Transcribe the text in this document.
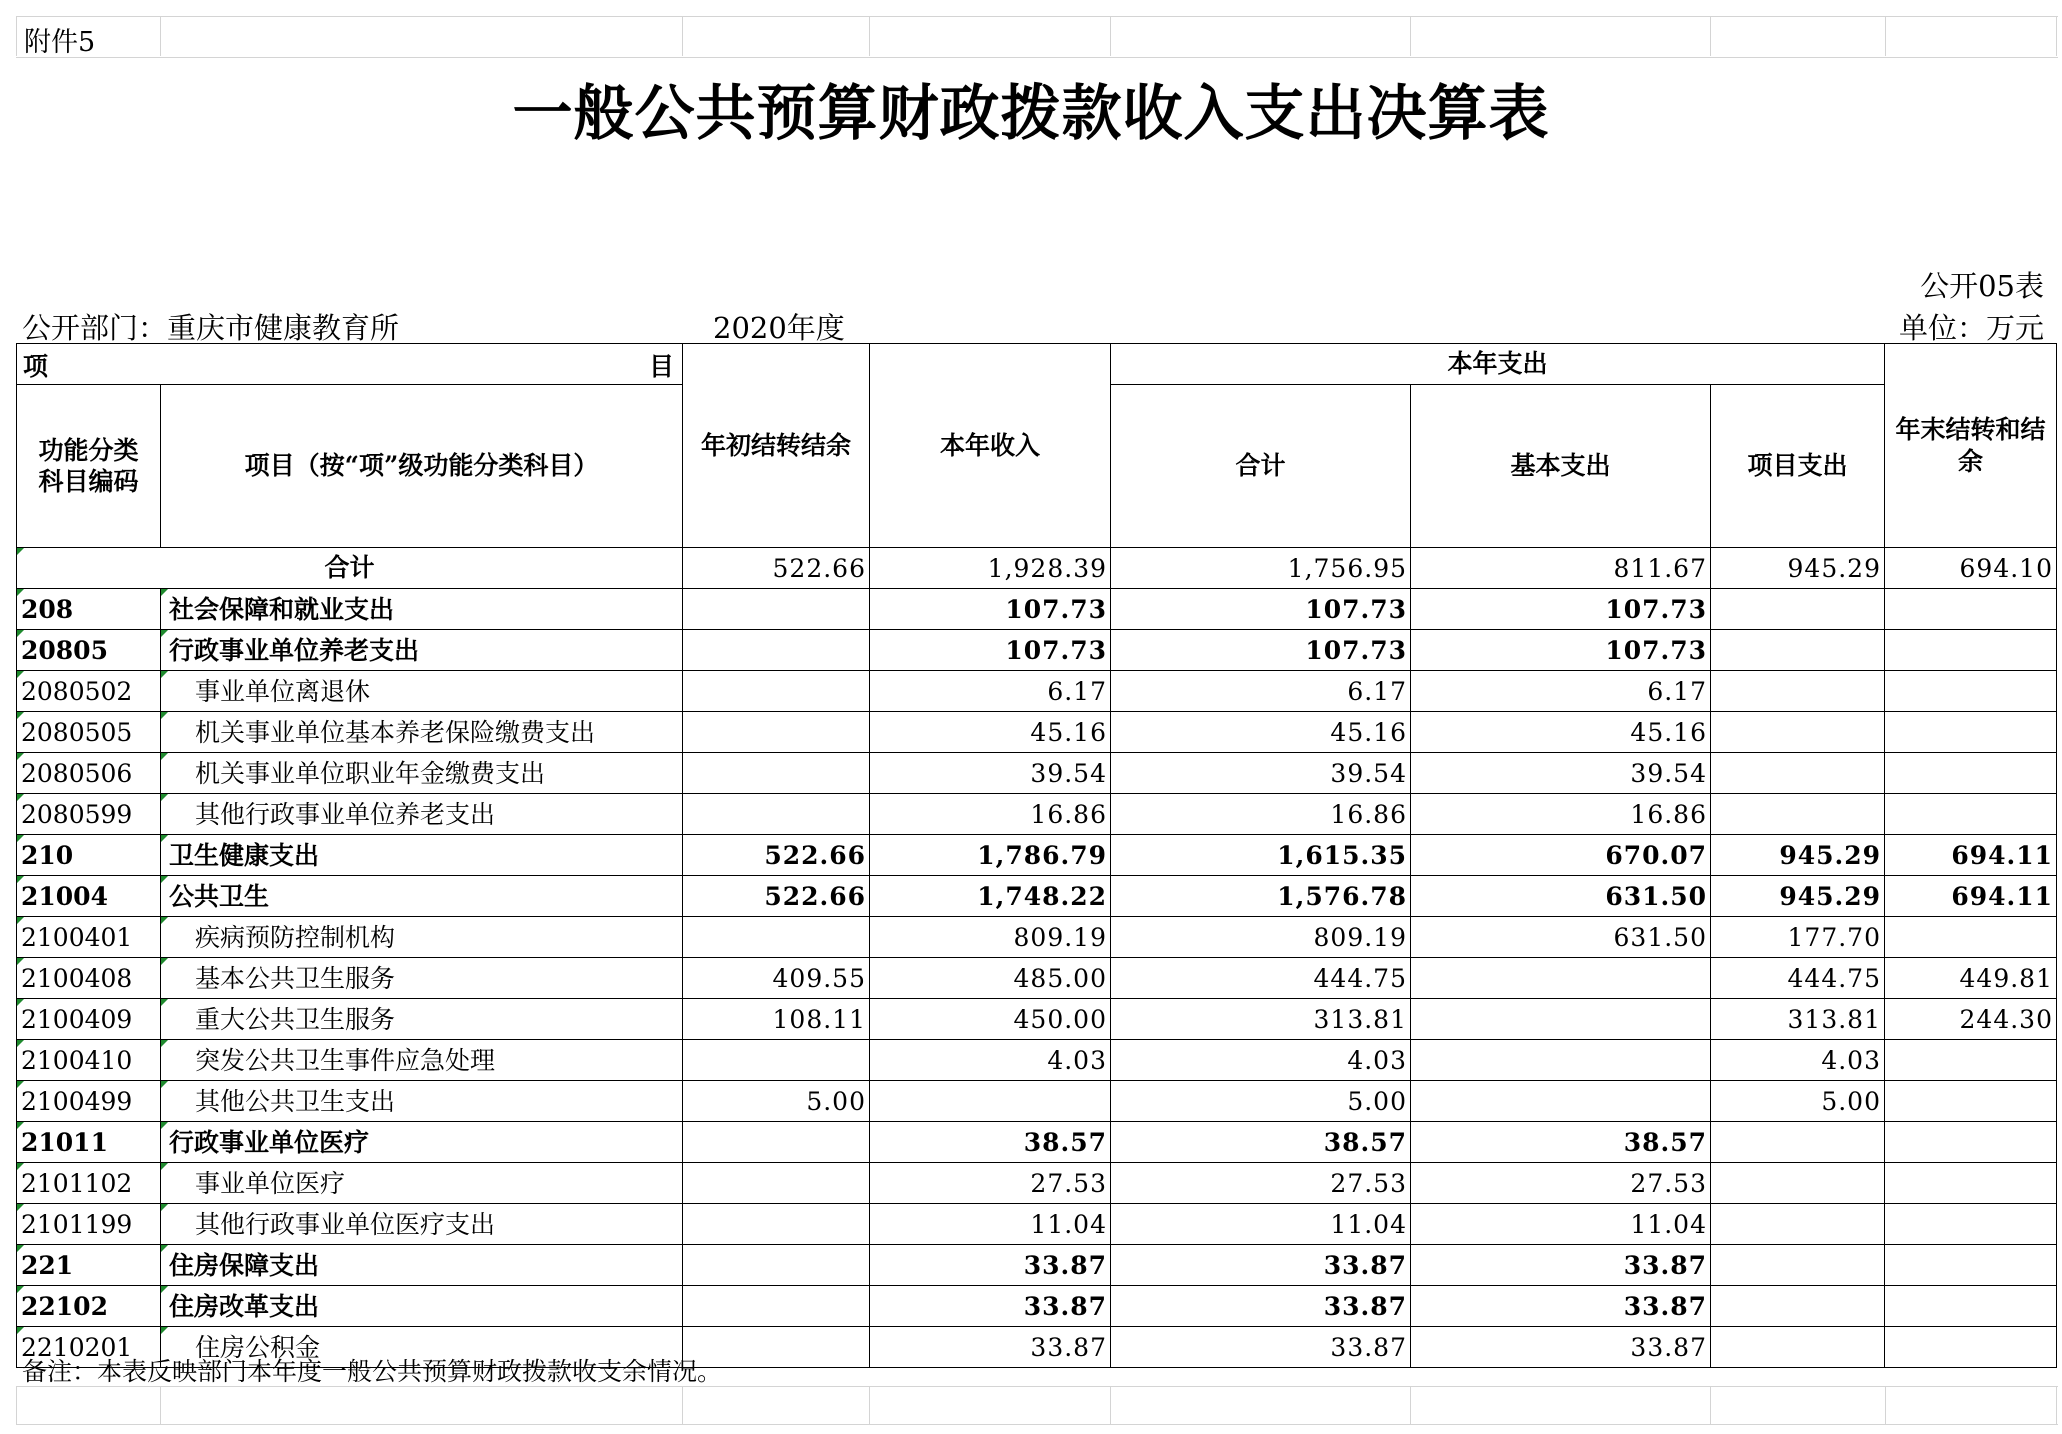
附件5
一般公共预算财政拨款收入支出决算表
公开05表
公开部门：重庆市健康教育所	2020年度	单位：万元
项 目		年初结转结余	本年收入	本年支出			年末结转和结余
功能分类科目编码	项目（按“项”级功能分类科目）			合计	基本支出	项目支出	
合计		522.66	1,928.39	1,756.95	811.67	945.29	694.10
208	社会保障和就业支出		107.73	107.73	107.73		
20805	行政事业单位养老支出		107.73	107.73	107.73		
2080502	事业单位离退休		6.17	6.17	6.17		
2080505	机关事业单位基本养老保险缴费支出		45.16	45.16	45.16		
2080506	机关事业单位职业年金缴费支出		39.54	39.54	39.54		
2080599	其他行政事业单位养老支出		16.86	16.86	16.86		
210	卫生健康支出	522.66	1,786.79	1,615.35	670.07	945.29	694.11
21004	公共卫生	522.66	1,748.22	1,576.78	631.50	945.29	694.11
2100401	疾病预防控制机构		809.19	809.19	631.50	177.70	
2100408	基本公共卫生服务	409.55	485.00	444.75		444.75	449.81
2100409	重大公共卫生服务	108.11	450.00	313.81		313.81	244.30
2100410	突发公共卫生事件应急处理		4.03	4.03		4.03	
2100499	其他公共卫生支出	5.00		5.00		5.00	
21011	行政事业单位医疗		38.57	38.57	38.57		
2101102	事业单位医疗		27.53	27.53	27.53		
2101199	其他行政事业单位医疗支出		11.04	11.04	11.04		
221	住房保障支出		33.87	33.87	33.87		
22102	住房改革支出		33.87	33.87	33.87		
2210201	住房公积金		33.87	33.87	33.87		
备注：本表反映部门本年度一般公共预算财政拨款收支余情况。
